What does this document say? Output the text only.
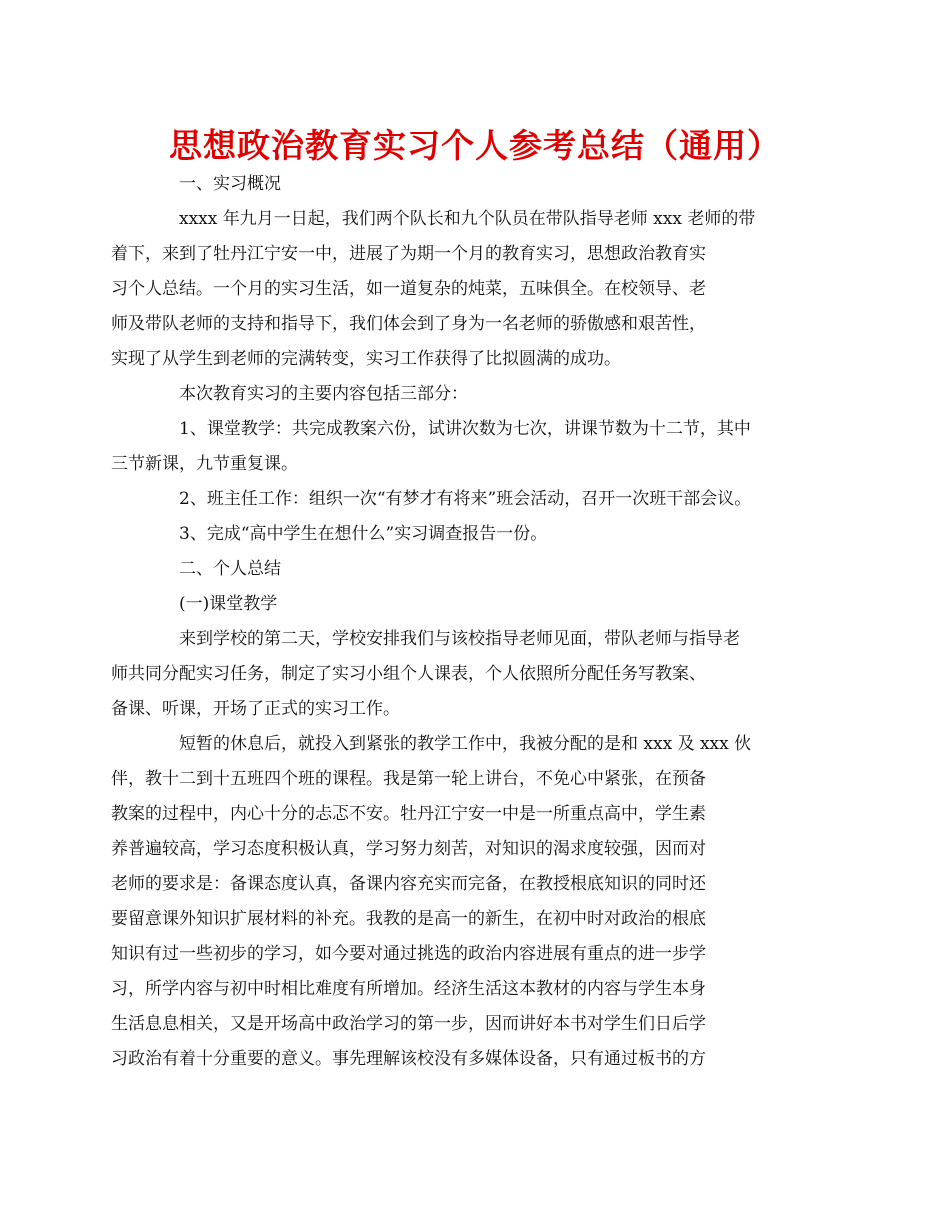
思想政治教育实习个人参考总结（通用）
一、实习概况
xxxx 年九月一日起，我们两个队长和九个队员在带队指导老师 xxx 老师的带
着下，来到了牡丹江宁安一中，进展了为期一个月的教育实习，思想政治教育实
习个人总结。一个月的实习生活，如一道复杂的炖菜，五味俱全。在校领导、老
师及带队老师的支持和指导下，我们体会到了身为一名老师的骄傲感和艰苦性，
实现了从学生到老师的完满转变，实习工作获得了比拟圆满的成功。
本次教育实习的主要内容包括三部分：
1、课堂教学：共完成教案六份，试讲次数为七次，讲课节数为十二节，其中
三节新课，九节重复课。
2、班主任工作：组织一次“有梦才有将来”班会活动，召开一次班干部会议。
3、完成“高中学生在想什么”实习调查报告一份。
二、个人总结
(一)课堂教学
来到学校的第二天，学校安排我们与该校指导老师见面，带队老师与指导老
师共同分配实习任务，制定了实习小组个人课表，个人依照所分配任务写教案、
备课、听课，开场了正式的实习工作。
短暂的休息后，就投入到紧张的教学工作中，我被分配的是和 xxx 及 xxx 伙
伴，教十二到十五班四个班的课程。我是第一轮上讲台，不免心中紧张，在预备
教案的过程中，内心十分的忐忑不安。牡丹江宁安一中是一所重点高中，学生素
养普遍较高，学习态度积极认真，学习努力刻苦，对知识的渴求度较强，因而对
老师的要求是：备课态度认真，备课内容充实而完备，在教授根底知识的同时还
要留意课外知识扩展材料的补充。我教的是高一的新生，在初中时对政治的根底
知识有过一些初步的学习，如今要对通过挑选的政治内容进展有重点的进一步学
习，所学内容与初中时相比难度有所增加。经济生活这本教材的内容与学生本身
生活息息相关，又是开场高中政治学习的第一步，因而讲好本书对学生们日后学
习政治有着十分重要的意义。事先理解该校没有多媒体设备，只有通过板书的方
